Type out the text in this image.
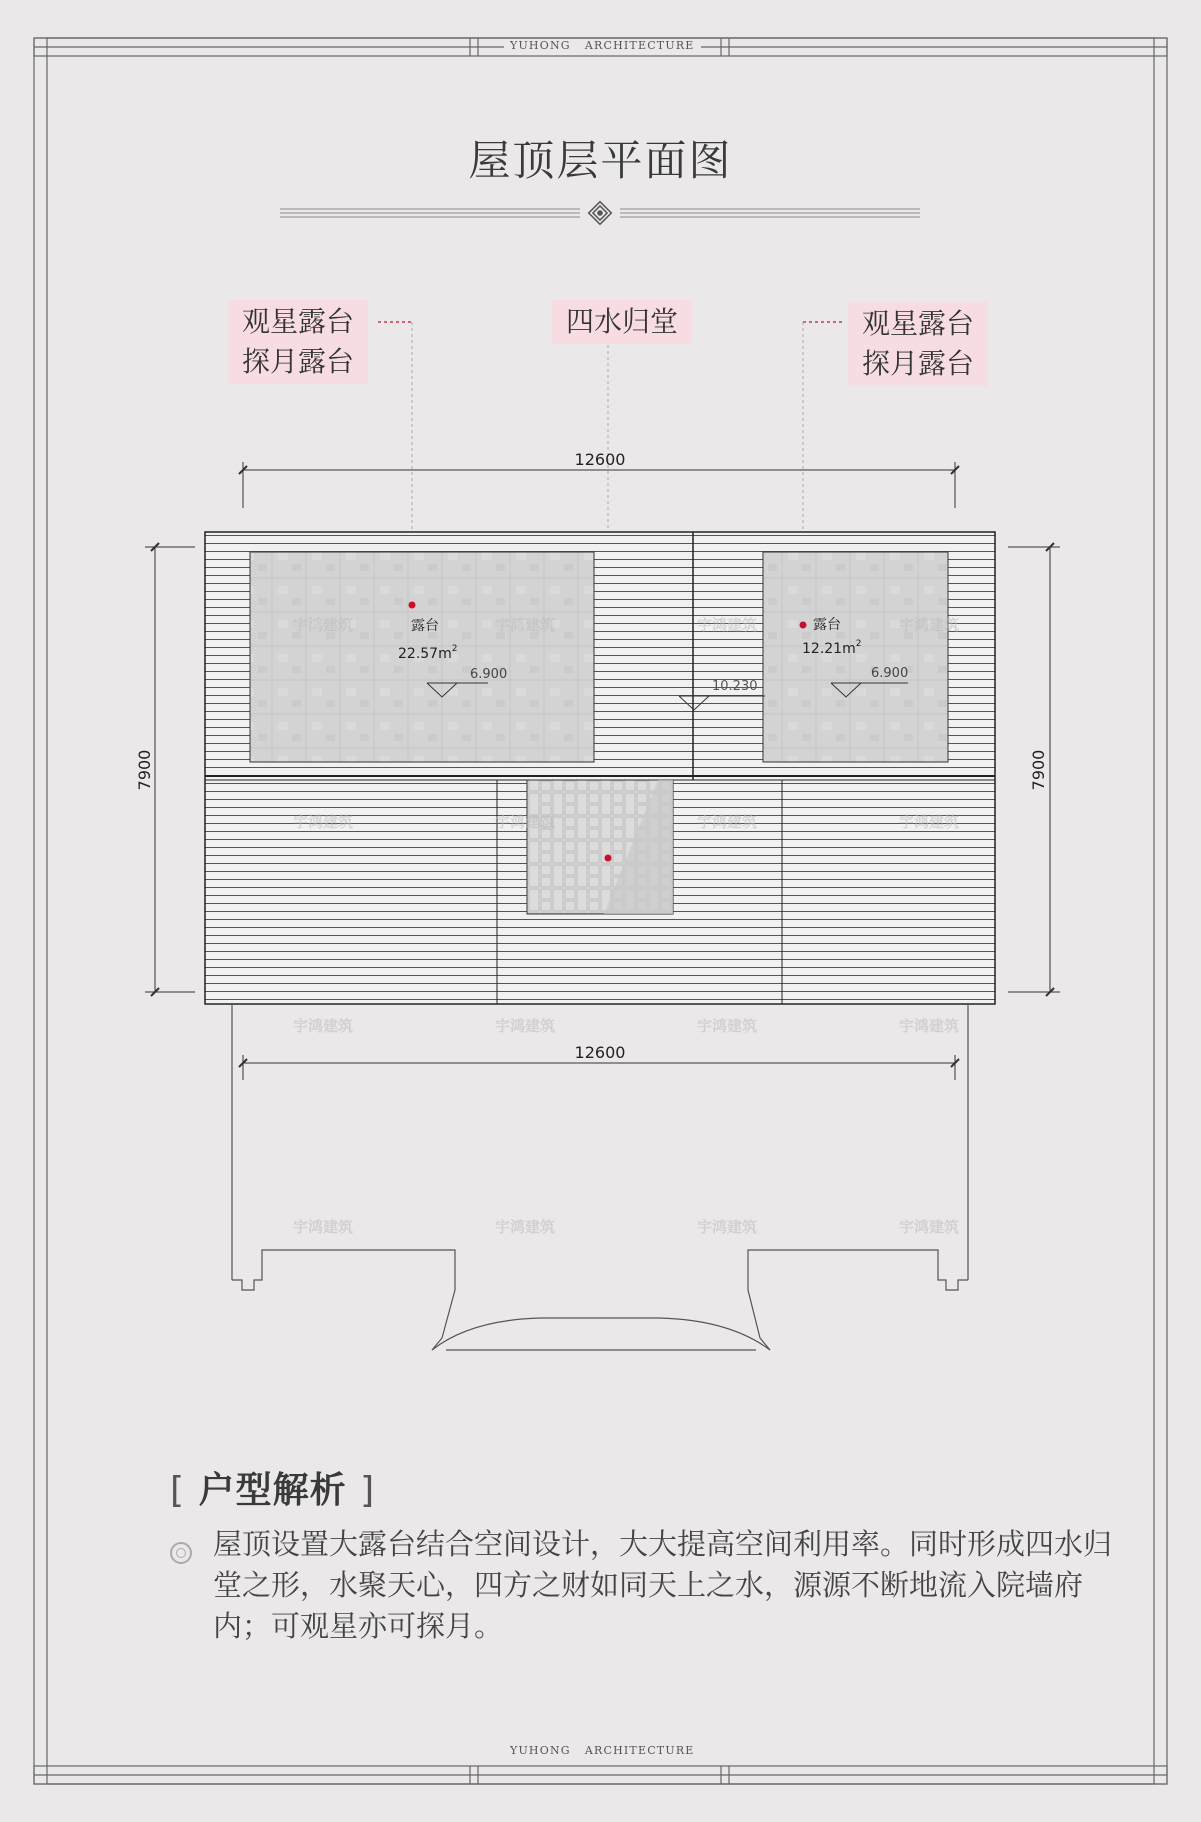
YUHONG   ARCHITECTURE
YUHONG   ARCHITECTURE
屋顶层平面图
观星露台
探月露台
四水归堂	观星露台
探月露台
宇鸿建筑	宇鸿建筑	宇鸿建筑	宇鸿建筑
宇鸿建筑	宇鸿建筑	宇鸿建筑	宇鸿建筑
宇鸿建筑	宇鸿建筑	宇鸿建筑	宇鸿建筑
宇鸿建筑	宇鸿建筑	宇鸿建筑	宇鸿建筑
12600
12600
7900	7900
露台
$22.57m^2$
6.900
露台
$12.21m^2$
6.900
10.230
[ 户型解析 ]
屋顶设置大露台结合空间设计，大大提高空间利用率。同时形成四水归堂之形，水聚天心，四方之财如同天上之水，源源不断地流入院墙府内；可观星亦可探月。
